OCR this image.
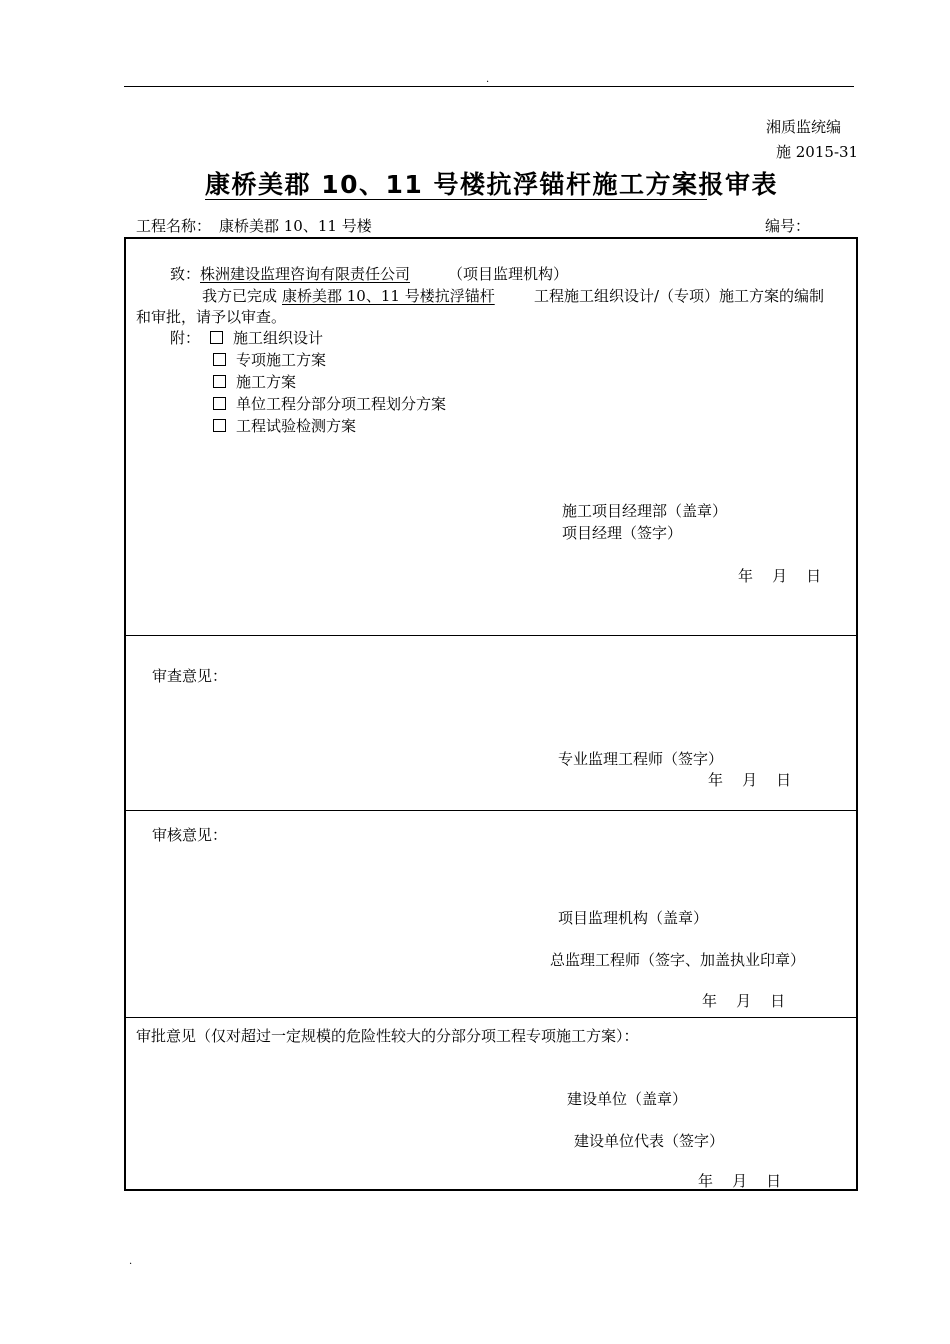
.
湘质监统编
施 2015-31
康桥美郡 10、11 号楼抗浮锚杆施工方案报审表
工程名称： 康桥美郡 10、11 号楼	编号：
致： 株洲建设监理咨询有限责任公司	（项目监理机构）
我方已完成 康桥美郡 10、11 号楼抗浮锚杆	工程施工组织设计/（专项）施工方案的编制
和审批，请予以审查。
附：	施工组织设计
专项施工方案
施工方案
单位工程分部分项工程划分方案
工程试验检测方案
施工项目经理部（盖章）
项目经理（签字）
年    月    日
审查意见：
专业监理工程师（签字）
年    月    日
审核意见：
项目监理机构（盖章）
总监理工程师（签字、加盖执业印章）
年    月    日
审批意见（仅对超过一定规模的危险性较大的分部分项工程专项施工方案）：
建设单位（盖章）
建设单位代表（签字）
年    月    日
.
